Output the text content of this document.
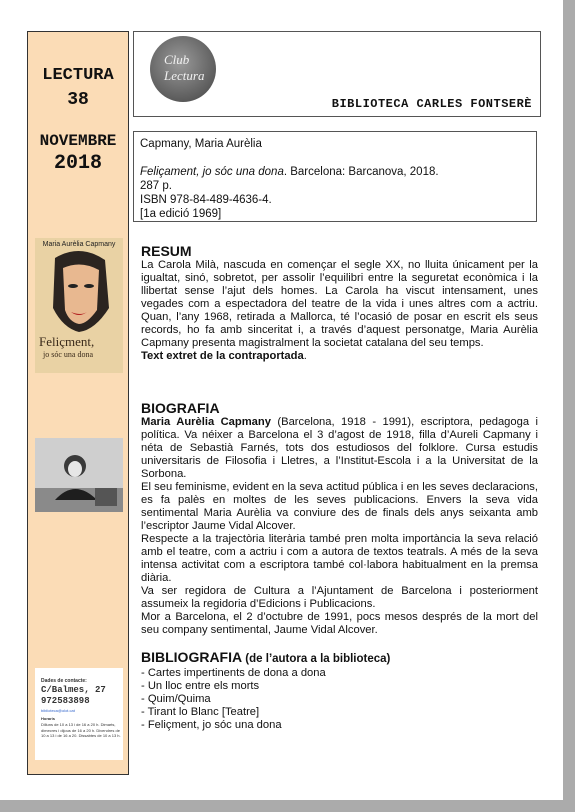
LECTURA
38
NOVEMBRE
2018
Maria Aurèlia Capmany
Feliçment,
jo sóc una dona
Dades de contacte:
C/Balmes, 27
972583898
biblioteca@olot.cat
Horaris
Dilluns de 10 a 13 i de 16 a 20 h. Dimarts, dimecres i dijous de 16 a 20 h. Divendres de 10 a 13 i de 16 a 20. Dissabtes de 10 a 13 h.
Club Lectura
BIBLIOTECA CARLES FONTSERÈ
Capmany, Maria Aurèlia
Feliçament, jo sóc una dona. Barcelona: Barcanova, 2018.
287 p.
ISBN 978-84-489-4636-4.
[1a edició 1969]
RESUM

La Carola Milà, nascuda en començar el segle XX, no lluita únicament per la igualtat, sinó, sobretot, per assolir l’equilibri entre la seguretat econòmica i la llibertat sense l’ajut dels homes. La Carola ha viscut intensament, unes vegades com a espectadora del teatre de la vida i unes altres com a actriu. Quan, l’any 1968, retirada a Mallorca, té l’ocasió de posar en escrit els seus records, ho fa amb sinceritat i, a través d’aquest personatge, Maria Aurèlia Capmany presenta magistralment la societat catalana del seu temps.

Text extret de la contraportada.

BIOGRAFIA

Maria Aurèlia Capmany (Barcelona, 1918 - 1991), escriptora, pedagoga i política. Va néixer a Barcelona el 3 d’agost de 1918, filla d’Aureli Capmany i néta de Sebastià Farnés, tots dos estudiosos del folklore. Cursa estudis universitaris de Filosofia i Lletres, a l’Institut-Escola i a la Universitat de la Sorbona.

El seu feminisme, evident en la seva actitud pública i en les seves declaracions, es fa palès en moltes de les seves publicacions. Envers la seva vida sentimental Maria Aurèlia va conviure des de finals dels anys seixanta amb l’escriptor Jaume Vidal Alcover.

Respecte a la trajectòria literària també pren molta importància la seva relació amb el teatre, com a actriu i com a autora de textos teatrals. A més de la seva intensa activitat com a escriptora també col·labora habitualment en la premsa diària.

Va ser regidora de Cultura a l’Ajuntament de Barcelona i posteriorment assumeix la regidoria d’Edicions i Publicacions.

Mor a Barcelona, el 2 d’octubre de 1991, pocs mesos després de la mort del seu company sentimental, Jaume Vidal Alcover.

BIBLIOGRAFIA (de l’autora a la biblioteca)
- Cartes impertinents de dona a dona
- Un lloc entre els morts
- Quim/Quima
- Tirant lo Blanc [Teatre]
- Feliçment, jo sóc una dona
